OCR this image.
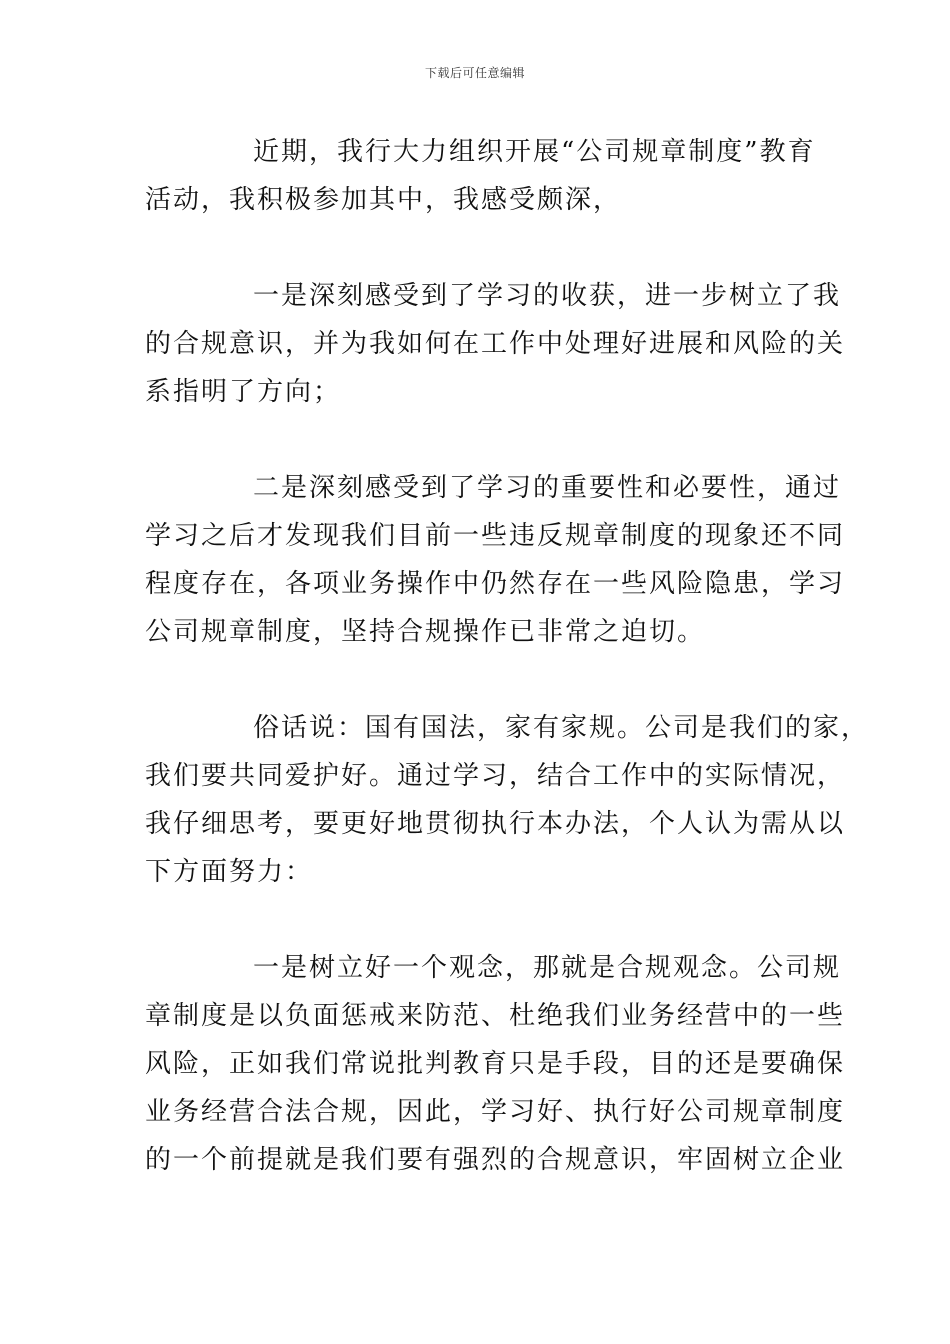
下载后可任意编辑
近期，我行大力组织开展“公司规章制度”教育
活动，我积极参加其中，我感受颇深，
一是深刻感受到了学习的收获，进一步树立了我
的合规意识，并为我如何在工作中处理好进展和风险的关
系指明了方向；
二是深刻感受到了学习的重要性和必要性，通过
学习之后才发现我们目前一些违反规章制度的现象还不同
程度存在，各项业务操作中仍然存在一些风险隐患，学习
公司规章制度，坚持合规操作已非常之迫切。
俗话说：国有国法，家有家规。公司是我们的家，
我们要共同爱护好。通过学习，结合工作中的实际情况，
我仔细思考，要更好地贯彻执行本办法，个人认为需从以
下方面努力：
一是树立好一个观念，那就是合规观念。公司规
章制度是以负面惩戒来防范、杜绝我们业务经营中的一些
风险，正如我们常说批判教育只是手段，目的还是要确保
业务经营合法合规，因此，学习好、执行好公司规章制度
的一个前提就是我们要有强烈的合规意识，牢固树立企业
